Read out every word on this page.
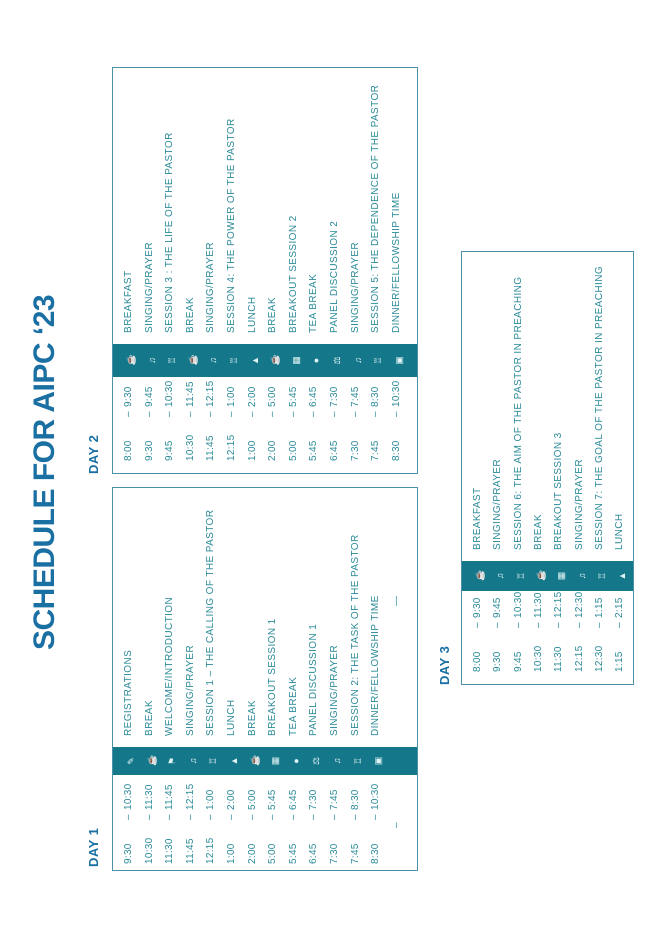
SCHEDULE FOR AIPC ‘23
DAY 1 9:30–10:30
✎
REGISTRATIONS
10:30–11:30
☕
BREAK
11:30–11:45
⚑
WELCOME/INTRODUCTION
11:45–12:15
♫
SINGING/PRAYER
12:15–1:00
♖
SESSION 1 – THE CALLING OF THE PASTOR
1:00–2:00
▲
LUNCH
2:00–5:00
☕
BREAK
5:00–5:45
▦
BREAKOUT SESSION 1
5:45–6:45
●
TEA BREAK
6:45–7:30
⚖
PANEL DISCUSSION 1
7:30–7:45
♫
SINGING/PRAYER
7:45–8:30
♖
SESSION 2: THE TASK OF THE PASTOR
8:30–10:30
▣
DINNER/FELLOWSHIP TIME
–
—
DAY 2 8:00–9:30
☕
BREAKFAST
9:30–9:45
♫
SINGING/PRAYER
9:45–10:30
♖
SESSION 3 : THE LIFE OF THE PASTOR
10:30–11:45
☕
BREAK
11:45–12:15
♫
SINGING/PRAYER
12:15–1:00
♖
SESSION 4: THE POWER OF THE PASTOR
1:00–2:00
▲
LUNCH
2:00–5:00
☕
BREAK
5:00–5:45
▦
BREAKOUT SESSION 2
5:45–6:45
●
TEA BREAK
6:45–7:30
⚖
PANEL DISCUSSION 2
7:30–7:45
♫
SINGING/PRAYER
7:45–8:30
♖
SESSION 5: THE DEPENDENCE OF THE PASTOR
8:30–10:30
▣
DINNER/FELLOWSHIP TIME
DAY 3 8:00–9:30
☕
BREAKFAST
9:30–9:45
♫
SINGING/PRAYER
9:45–10:30
♖
SESSION 6: THE AIM OF THE PASTOR IN PREACHING
10:30–11:30
☕
BREAK
11:30–12:15
▦
BREAKOUT SESSION 3
12:15–12:30
♫
SINGING/PRAYER
12:30–1:15
♖
SESSION 7: THE GOAL OF THE PASTOR IN PREACHING
1:15–2:15
▲
LUNCH
